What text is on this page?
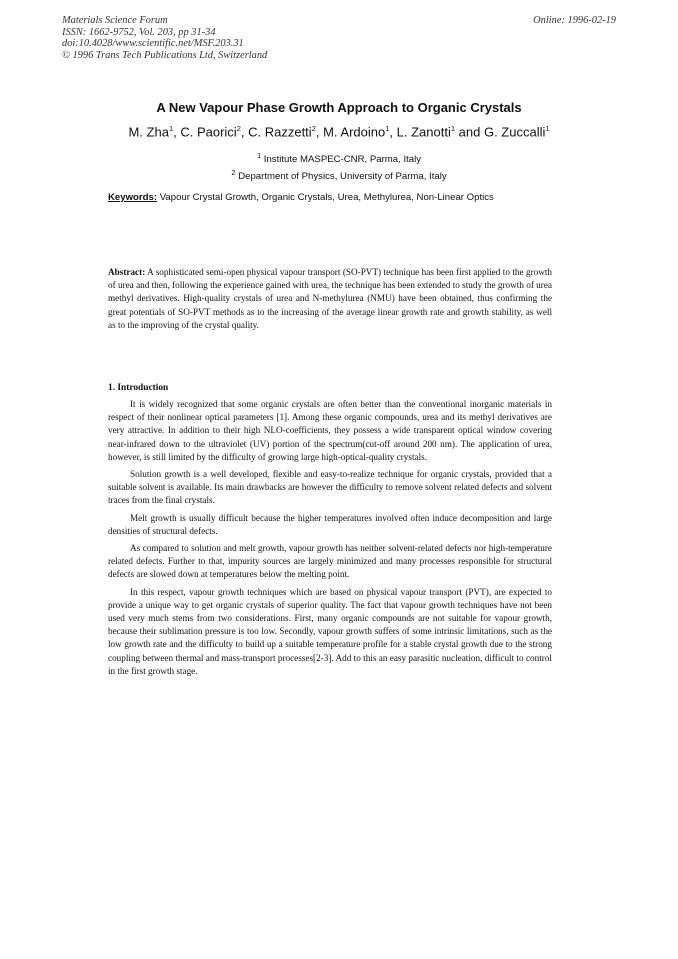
Materials Science Forum
ISSN: 1662-9752, Vol. 203, pp 31-34
doi:10.4028/www.scientific.net/MSF.203.31
© 1996 Trans Tech Publications Ltd, Switzerland
Online: 1996-02-19
A New Vapour Phase Growth Approach to Organic Crystals
M. Zha$^1$, C. Paorici$^2$, C. Razzetti$^2$, M. Ardoino$^1$, L. Zanotti$^1$ and G. Zuccalli$^1$
$^1$ Institute MASPEC-CNR, Parma, Italy
$^2$ Department of Physics, University of Parma, Italy
Keywords: Vapour Crystal Growth, Organic Crystals, Urea, Methylurea, Non-Linear Optics
Abstract: A sophisticated semi-open physical vapour transport (SO-PVT) technique has been first applied to the growth of urea and then, following the experience gained with urea, the technique has been extended to study the growth of urea methyl derivatives. High-quality crystals of urea and N-methylurea (NMU) have been obtained, thus confirming the great potentials of SO-PVT methods as to the increasing of the average linear growth rate and growth stability, as well as to the improving of the crystal quality.
1. Introduction

It is widely recognized that some organic crystals are often better than the conventional inorganic materials in respect of their nonlinear optical parameters [1]. Among these organic compounds, urea and its methyl derivatives are very attractive. In addition to their high NLO-coefficients, they possess a wide transparent optical window covering near-infrared down to the ultraviolet (UV) portion of the spectrum(cut-off around 200 nm). The application of urea, however, is still limited by the difficulty of growing large high-optical-quality crystals.

Solution growth is a well developed, flexible and easy-to-realize technique for organic crystals, provided that a suitable solvent is available. Its main drawbacks are however the difficulty to remove solvent related defects and solvent traces from the final crystals.

Melt growth is usually difficult because the higher temperatures involved often induce decomposition and large densities of structural defects.

As compared to solution and melt growth, vapour growth has neither solvent-related defects nor high-temperature related defects. Further to that, impurity sources are largely minimized and many processes responsible for structural defects are slowed down at temperatures below the melting point.

In this respect, vapour growth techniques which are based on physical vapour transport (PVT), are expected to provide a unique way to get organic crystals of superior quality. The fact that vapour growth techniques have not been used very much stems from two considerations. First, many organic compounds are not suitable for vapour growth, because their sublimation pressure is too low. Secondly, vapour growth suffers of some intrinsic limitations, such as the low growth rate and the difficulty to build up a suitable temperature profile for a stable crystal growth due to the strong coupling between thermal and mass-transport processes[2-3]. Add to this an easy parasitic nucleation, difficult to control in the first growth stage.
